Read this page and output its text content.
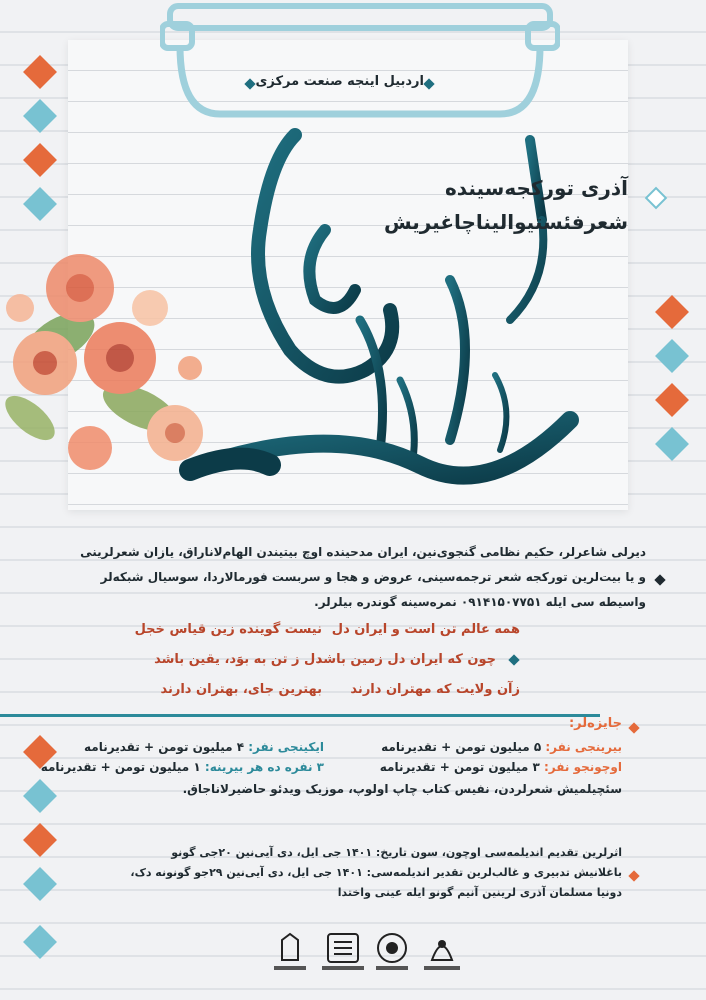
اردبیل اینجه صنعت مرکزی
آذری تورکجه‌سینده
شعرفئستیوالیناچاغیریش
دیرلی شاعرلر، حکیم نظامی گنجوی‌نین، ایران مدحینده اوچ بیتیندن الهام‌لاناراق، یازان شعرلرینی
و یا بیت‌لرین تورکجه شعر ترجمه‌سینی، عروض و هجا و سربست فورمالاردا، سوسیال شبکه‌لر
واسیطه سی ایله ۰۹۱۴۱۵۰۷۷۵۱ نمره‌سینه گوندره بیلرلر.
همه عالم تن است و ایران دل
نیست گوینده زین قیاس خجل
چون که ایران دل زمین باشد
دل ز تن به بوَد، یقین باشد
زآن ولایت که مهتران دارند
بهترین جای، بهتران دارند
جایزه‌لر:
بیرینجی نفر: ۵ میلیون تومن + تقدیرنامه
ایکینجی نفر: ۴ میلیون تومن + تقدیرنامه
اوچونجو نفر: ۳ میلیون تومن + تقدیرنامه
۳ نفره ده هر بیرینه: ۱ میلیون تومن + تقدیرنامه
سئچیلمیش شعرلردن، نفیس کتاب چاپ اولوپ، موزیک ویدئو حاضیرلاناجاق.
اثرلرین تقدیم اندیلمه‌سی اوچون، سون تاریخ: ۱۴۰۱ جی ایل، دی آیی‌نین ۲۰جی گونو
باغلانیش تدبیری و غالب‌لرین تقدیر اندیلمه‌سی: ۱۴۰۱ جی ایل، دی آیی‌نین ۲۹جو گونونه دک،
دونیا مسلمان آذری لرینین آنیم گونو ایله عینی واختدا
